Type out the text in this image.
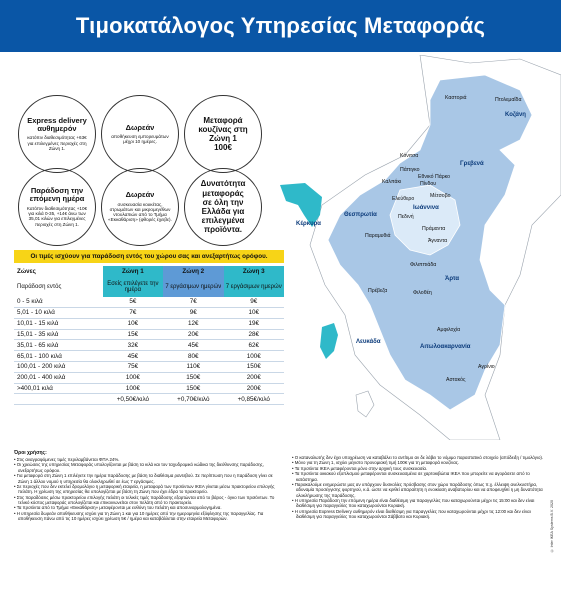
Τιμοκατάλογος Υπηρεσίας Μεταφοράς
Express delivery αυθημερόν
κατόπιν διαθεσιμότητας +63€ για επιλεγμένες περιοχές στη Ζώνη 1.
Δωρεάν
αποθήκευση εμπορευμάτων μέχρι 10 ημέρες.
Μεταφορά κουζίνας στη Ζώνη 1
100€
Παράδοση την επόμενη ημέρα
Κατόπιν διαθεσιμότητας +10€ για κιλά 0-35, +14€ άνω των 35,01 κιλών για επιλεγμένες περιοχές στη Ζώνη 1.
Δωρεάν
συσκευασία κουκέτας, στρωμάτων και μικρομεγέθων ντουλαπιών από το Τμήμα «Εκκαθάριση» (φθορές έχειβε).
Δυνατότητα μεταφοράς
σε όλη την Ελλάδα για επιλεγμένα προϊόντα.
Καστοριά	Πτολεμαΐδα
Κοζάνη
Κόνιτσα
Γρεβενά
Πάπιγκο
Καλπάκι
Εθνικό Πάρκο
Πίνδου
Μέτσοβο
Θεσπρωτία
Ελεύθερο
Ιωάννινα
Πεδινή
Παραμυθιά
Πράμαντα
Άγναντα
Φιλιππιάδα
Άρτα
Πρέβεζα	Φιλοθέη
Αμφιλοχία
Λευκάδα
Αιτωλοακαρνανία
Αγρίνιο
Αστακός
Κέρκυρα
Οι τιμές ισχύουν για παράδοση εντός του χώρου σας και ανεξαρτήτως ορόφου.
Ζώνες	Ζώνη 1	Ζώνη 2	Ζώνη 3
Παράδοση εντός	Εσείς επιλέγετε την ημέρα	7 εργάσιμων ημερών	7 εργάσιμων ημερών
0 - 5 κιλά	5€	7€	9€
5,01 - 10 κιλά	7€	9€	10€
10,01 - 15 κιλά	10€	12€	19€
15,01 - 35 κιλά	15€	20€	28€
35,01 - 65 κιλά	32€	45€	62€
65,01 - 100 κιλά	45€	80€	100€
100,01 - 200 κιλά	75€	110€	150€
200,01 - 400 κιλά	100€	150€	200€
>400,01 κιλά	100€	150€	200€
	+0,50€/κιλό	+0,70€/κιλό	+0,85€/κιλό
Όροι χρήσης:
• Στις αναγραφόμενες τιμές περιλαμβάνεται ΦΠΑ 24%.
• Οι χρεώσεις της υπηρεσίας Μεταφοράς υπολογίζονται με βάση τα κιλά και τον ταχυδρομικό κώδικα της διεύθυνσης παράδοσης, ανεξαρτήτως ορόφου.
• Για μεταφορά στη Ζώνη 1 επιλέγετε την ημέρα παράδοσης με βάση τα διαθέσιμα ραντεβού. Σε περίπτωση που η παράδοση γίνει σε Ζώνη 1 άλλου νομού η υπηρεσία θα ολοκληρωθεί σε έως 7 εργάσιμες.
• Σε περιοχές που δεν εκτελεί δρομολόγιο η μεταφορική εταιρεία, η μεταφορά των προϊόντων ΙΚΕΑ γίνεται μέσω πρακτορείου επιλογής πελάτη. Η χρέωση της υπηρεσίας θα υπολογίζεται με βάση τη Ζώνη που έχει έδρα το πρακτορείο.
• Στις παραδόσεις μέσω πρακτορείου επιλογής πελάτη οι τελικές τιμές παράδοσης εξαρτώνται από το βάρος - όγκο των προϊόντων. Το τελικό κόστος μεταφοράς υπολογίζεται και επικοινωνείται στον πελάτη από το πρακτορείο.
• Τα προϊόντα από το Τμήμα «Εκκαθάριση» μεταφέρονται με ευθύνη του πελάτη και αποσυναρμολογημένα.
• Η υπηρεσία δωρεάν αποθήκευσης ισχύει για τη Ζώνη 1 και για 10 ημέρες από την ημερομηνία εξόφλησης της παραγγελίας. Για αποθήκευση πάνω από τις 10 ημέρες ισχύει χρέωση 5€ / ημέρα και καταβάλλεται στην εταιρεία Μεταφορών.
• Ο καταναλωτής δεν έχει υποχρέωση να καταβάλει το αντίτιμο αν δε λάβει το νόμιμο παραστατικό στοιχείο (απόδειξη / τιμολόγιο).
• Μόνο για τη Ζώνη 1, ισχύει μέγιστο προνομιακή τιμή 100€ για τη μεταφορά κουζίνας.
• Τα προϊόντα ΙΚΕΑ μεταφέρονται μόνο στην αρχική τους συσκευασία.
• Τα προϊόντα οικιακού εξοπλισμού μεταφέρονται συσκευασμένα σε χαρτοκιβώτια ΙΚΕΑ που μπορείτε να αγοράσετε από το κατάστημα.
• Παρακαλούμε ενημερώστε μας αν υπάρχουν δυσκολίες πρόσβασης στον χώρο παράδοσης όπως π.χ. έλλειψη ανελκυστήρα, αδυναμία προσέγγισης φορτηγού, κ.ά. ώστε να κριθεί απαραίτητη η ενοικίαση αναβατορίου και να αποφευχθεί η μη δυνατότητα ολοκλήρωσης της παράδοσης.
• Η υπηρεσία Παράδοση την επόμενη ημέρα είναι διαθέσιμη για παραγγελίες που καταχωρούνται μέχρι τις 15:00 και δεν είναι διαθέσιμη για παραγγελίες που καταχωρούνται Κυριακή.
• Η υπηρεσία Express Delivery αυθημερόν είναι διαθέσιμη για παραγγελίες που καταχωρούνται μέχρι τις 12:00 και δεν είναι διαθέσιμη για παραγγελίες που καταχωρούνται Σάββατο και Κυριακή.	© Inter IKEA Systems B.V. 2020
